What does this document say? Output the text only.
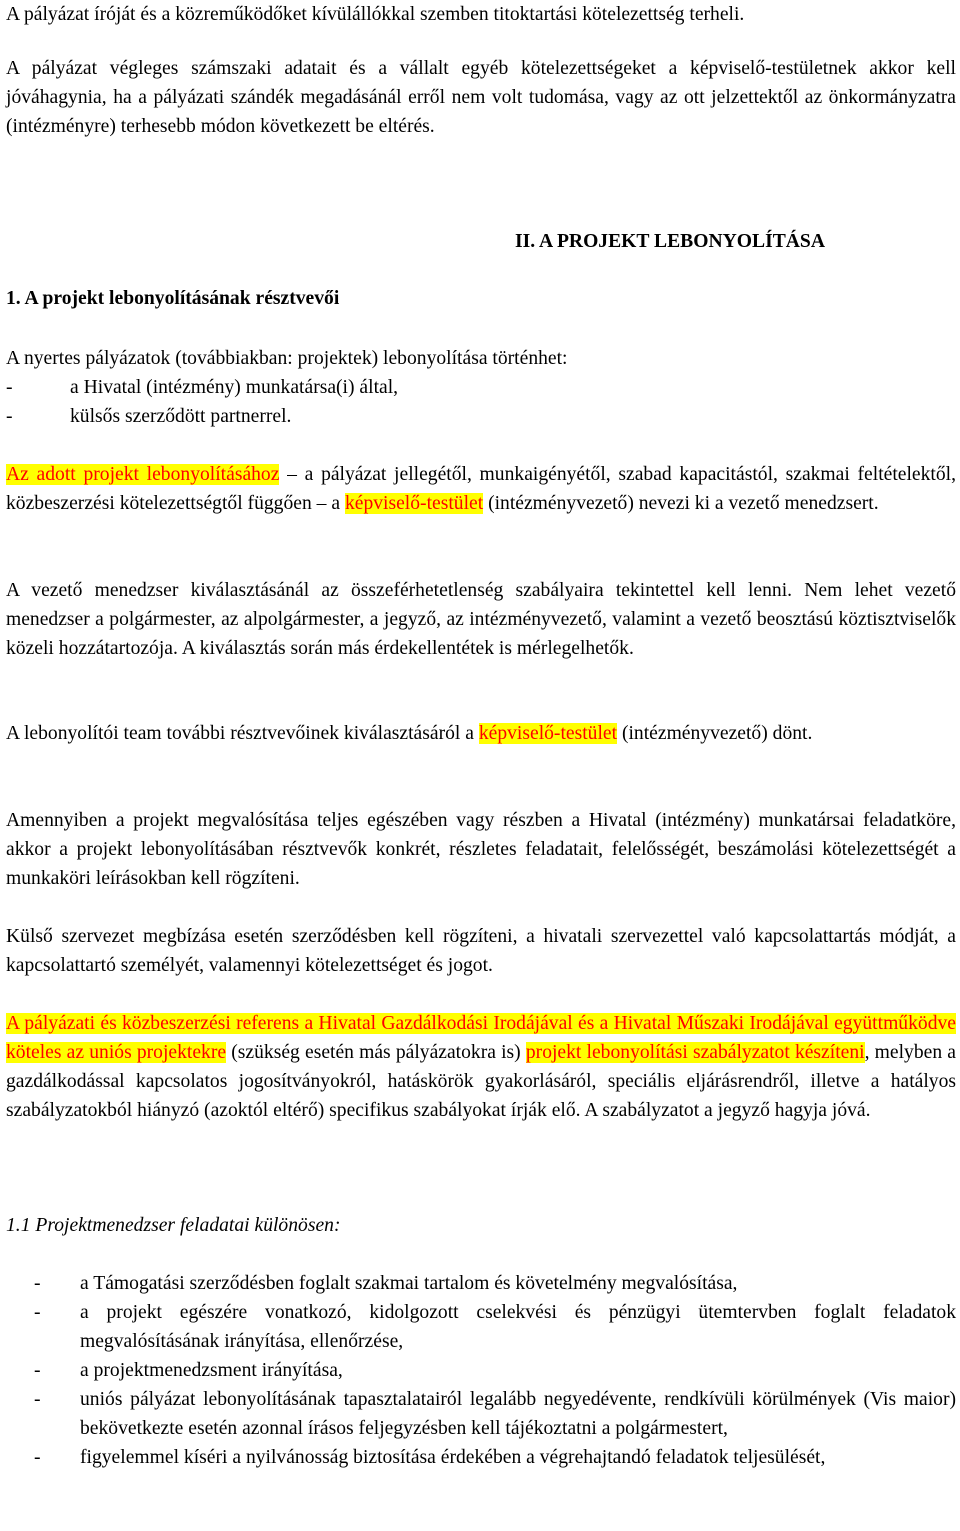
A pályázat íróját és a közreműködőket kívülállókkal szemben titoktartási kötelezettség terheli.

A pályázat végleges számszaki adatait és a vállalt egyéb kötelezettségeket a képviselő-testületnek akkor kell jóváhagynia, ha a pályázati szándék megadásánál erről nem volt tudomása, vagy az ott jelzettektől az önkormányzatra (intézményre) terhesebb módon következett be eltérés.

II. A PROJEKT LEBONYOLÍTÁSA
1. A projekt lebonyolításának résztvevői

A nyertes pályázatok (továbbiakban: projektek) lebonyolítása történhet:

-	a Hivatal (intézmény) munkatársa(i) által,
-	külsős szerződött partnerrel.

Az adott projekt lebonyolításához – a pályázat jellegétől, munkaigényétől, szabad kapacitástól, szakmai feltételektől, közbeszerzési kötelezettségtől függően – a képviselő-testület (intézményvezető) nevezi ki a vezető menedzsert.

A vezető menedzser kiválasztásánál az összeférhetetlenség szabályaira tekintettel kell lenni. Nem lehet vezető menedzser a polgármester, az alpolgármester, a jegyző, az intézményvezető, valamint a vezető beosztású köztisztviselők közeli hozzátartozója. A kiválasztás során más érdekellentétek is mérlegelhetők.

A lebonyolítói team további résztvevőinek kiválasztásáról a képviselő-testület (intézményvezető) dönt.

Amennyiben a projekt megvalósítása teljes egészében vagy részben a Hivatal (intézmény) munkatársai feladatköre, akkor a projekt lebonyolításában résztvevők konkrét, részletes feladatait, felelősségét, beszámolási kötelezettségét a munkaköri leírásokban kell rögzíteni.

Külső szervezet megbízása esetén szerződésben kell rögzíteni, a hivatali szervezettel való kapcsolattartás módját, a kapcsolattartó személyét, valamennyi kötelezettséget és jogot.

A pályázati és közbeszerzési referens a Hivatal Gazdálkodási Irodájával és a Hivatal Műszaki Irodájával együttműködve köteles az uniós projektekre (szükség esetén más pályázatokra is) projekt lebonyolítási szabályzatot készíteni, melyben a gazdálkodással kapcsolatos jogosítványokról, hatáskörök gyakorlásáról, speciális eljárásrendről, illetve a hatályos szabályzatokból hiányzó (azoktól eltérő) specifikus szabályokat írják elő. A szabályzatot a jegyző hagyja jóvá.

1.1 Projektmenedzser feladatai különösen:
- a Támogatási szerződésben foglalt szakmai tartalom és követelmény megvalósítása,
- a projekt egészére vonatkozó, kidolgozott cselekvési és pénzügyi ütemtervben foglalt feladatok megvalósításának irányítása, ellenőrzése,
- a projektmenedzsment irányítása,
- uniós pályázat lebonyolításának tapasztalatairól legalább negyedévente, rendkívüli körülmények (Vis maior) bekövetkezte esetén azonnal írásos feljegyzésben kell tájékoztatni a polgármestert,
- figyelemmel kíséri a nyilvánosság biztosítása érdekében a végrehajtandó feladatok teljesülését,
